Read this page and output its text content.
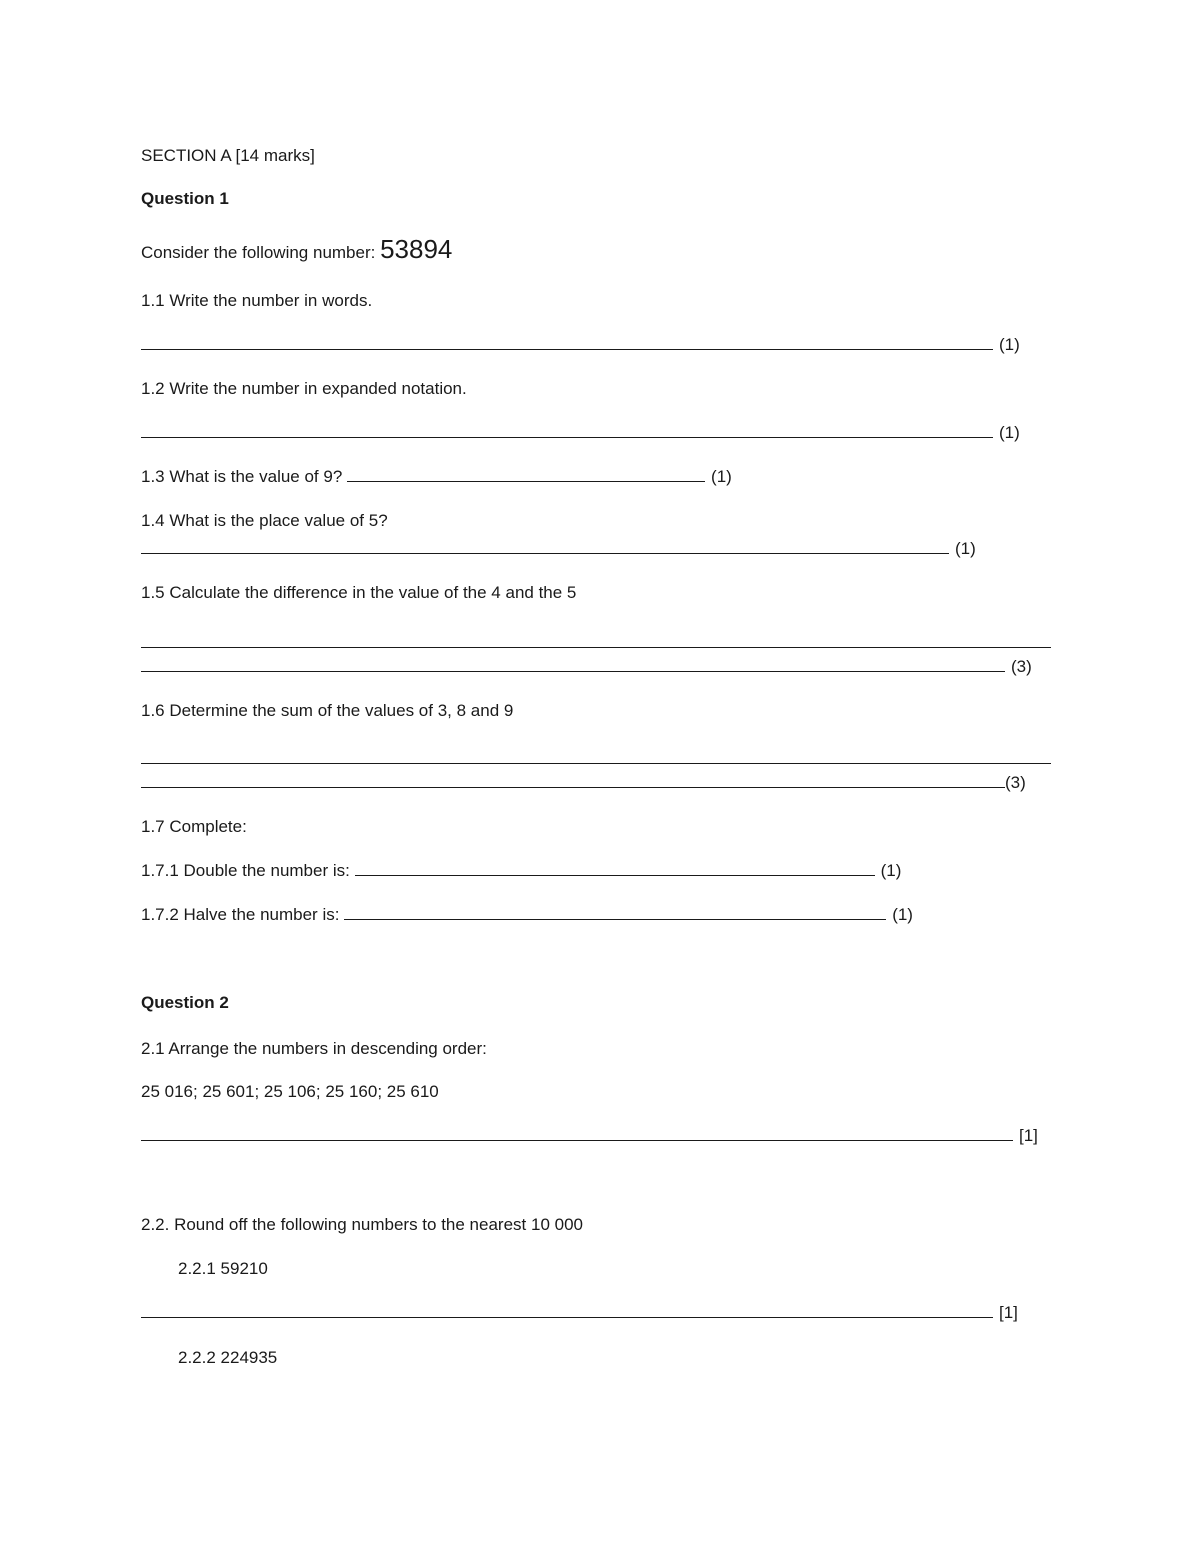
SECTION A [14 marks]
Question 1
Consider the following number: 53894
1.1 Write the number in words.
(1)
1.2 Write the number in expanded notation.
(1)
1.3 What is the value of 9?	(1)
1.4 What is the place value of 5?
(1)
1.5 Calculate the difference in the value of the 4 and the 5
(3)
1.6 Determine the sum of the values of 3, 8 and 9
(3)
1.7 Complete:
1.7.1 Double the number is:	(1)
1.7.2 Halve the number is:	(1)
Question 2
2.1 Arrange the numbers in descending order:
25 016; 25 601; 25 106; 25 160; 25 610
[1]
2.2. Round off the following numbers to the nearest 10 000
2.2.1 59210
[1]
2.2.2 224935
